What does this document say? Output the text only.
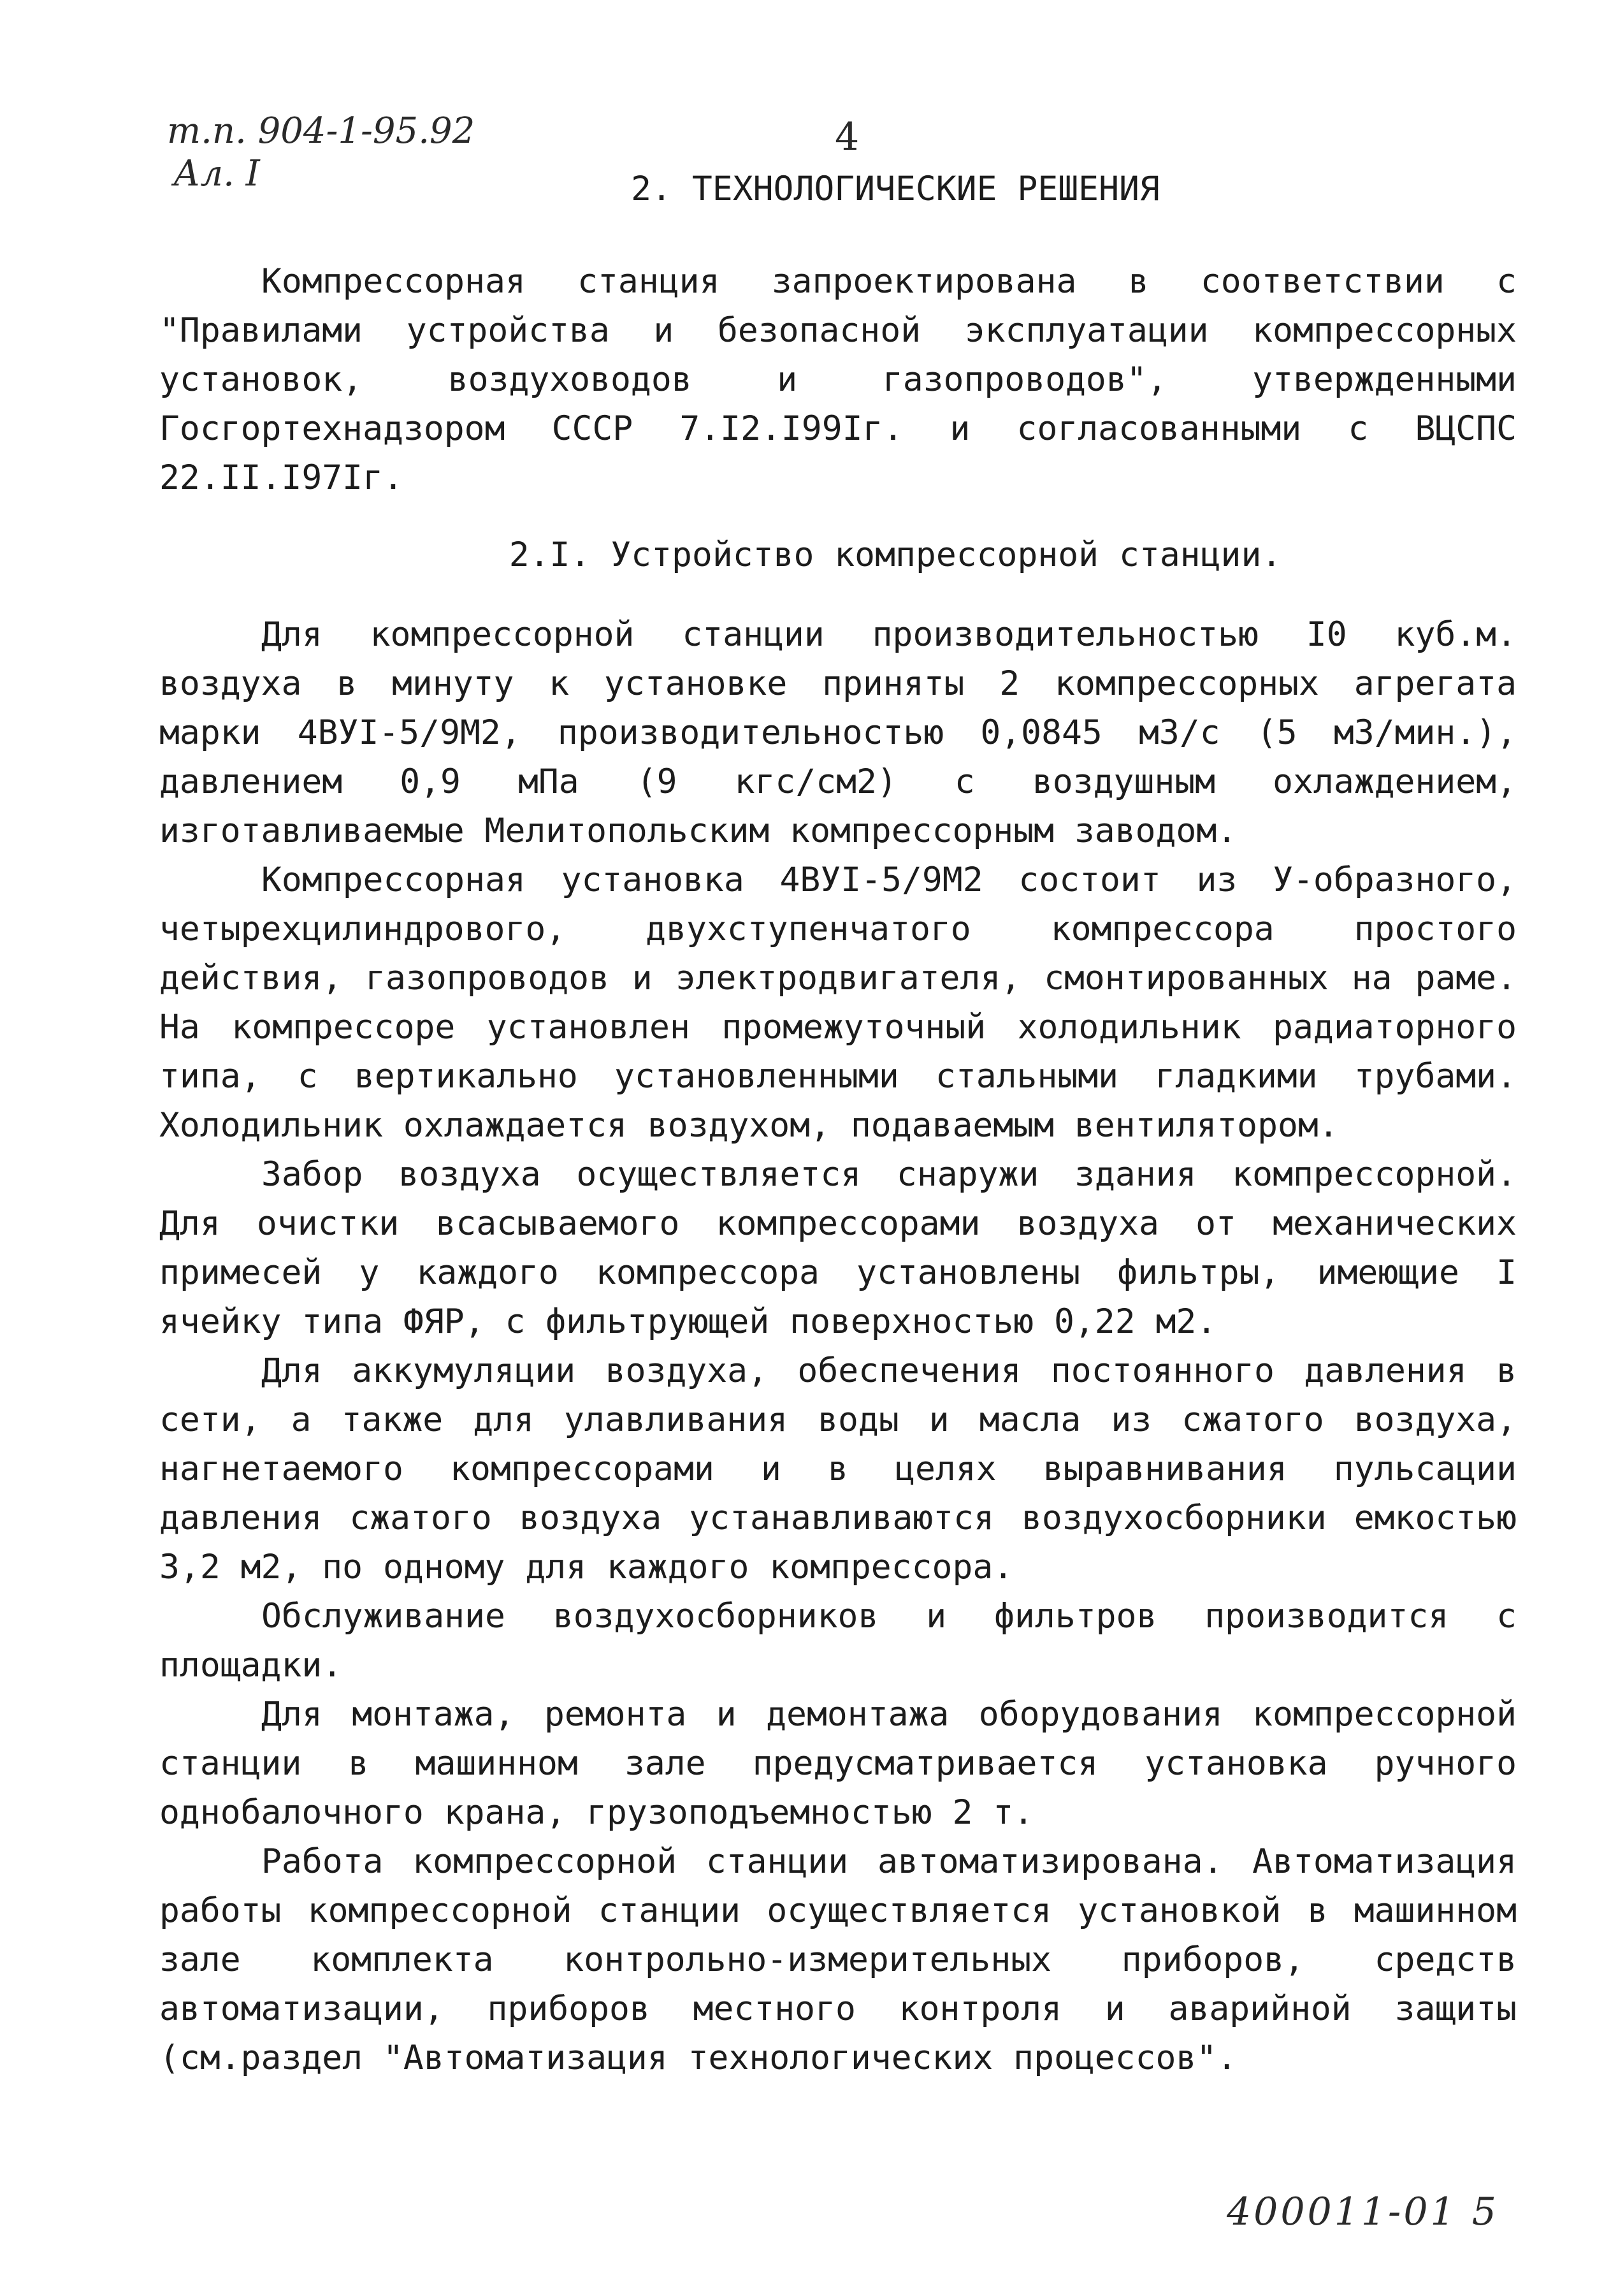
т.п. 904-1-95.92
Ал. I
4
2. ТЕХНОЛОГИЧЕСКИЕ РЕШЕНИЯ

Компрессорная станция запроектирована в соответствии с "Правилами устройства и безопасной эксплуатации компрессорных установок, воздуховодов и газопроводов", утвержденными Госгортехнадзором СССР 7.I2.I99Iг. и согласованными с ВЦСПС 22.II.I97Iг.

2.I. Устройство компрессорной станции.

Для компрессорной станции производительностью I0 куб.м. воздуха в минуту к установке приняты 2 компрессорных агрегата марки 4ВУI-5/9М2, производительностью 0,0845 м3/с (5 м3/мин.), давлением 0,9 мПа (9 кгс/см2) с воздушным охлаждением, изготавливаемые Мелитопольским компрессорным заводом.

Компрессорная установка 4ВУI-5/9М2 состоит из У-образного, четырехцилиндрового, двухступенчатого компрессора простого действия, газопроводов и электродвигателя, смонтированных на раме. На компрессоре установлен промежуточный холодильник радиаторного типа, с вертикально установленными стальными гладкими трубами. Холодильник охлаждается воздухом, подаваемым вентилятором.

Забор воздуха осуществляется снаружи здания компрессорной. Для очистки всасываемого компрессорами воздуха от механических примесей у каждого компрессора установлены фильтры, имеющие I ячейку типа ФЯР, с фильтрующей поверхностью 0,22 м2.

Для аккумуляции воздуха, обеспечения постоянного давления в сети, а также для улавливания воды и масла из сжатого воздуха, нагнетаемого компрессорами и в целях выравнивания пульсации давления сжатого воздуха устанавливаются воздухосборники емкостью 3,2 м2, по одному для каждого компрессора.

Обслуживание воздухосборников и фильтров производится с площадки.

Для монтажа, ремонта и демонтажа оборудования компрессорной станции в машинном зале предусматривается установка ручного однобалочного крана, грузоподъемностью 2 т.

Работа компрессорной станции автоматизирована. Автоматизация работы компрессорной станции осуществляется установкой в машинном зале комплекта контрольно-измерительных приборов, средств автоматизации, приборов местного контроля и аварийной защиты (см.раздел "Автоматизация технологических процессов".

400011-01 5
